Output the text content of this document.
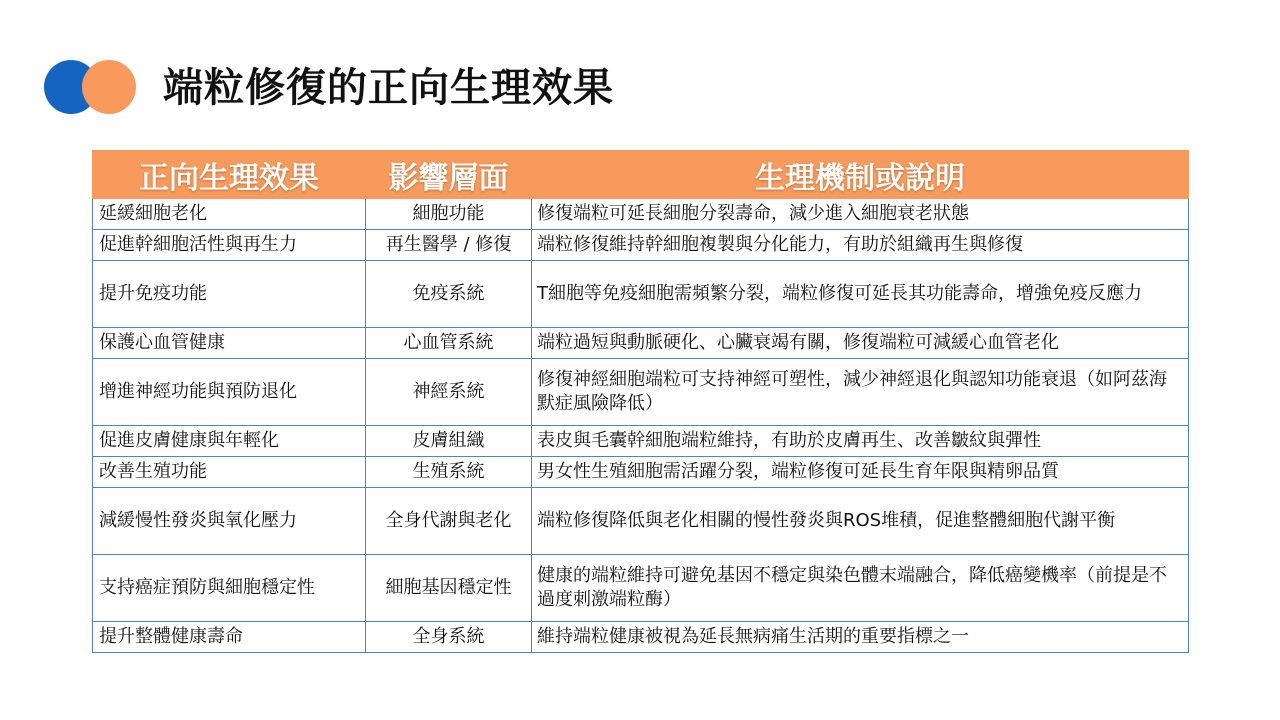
端粒修復的正向生理效果
正向生理效果	影響層面	生理機制或說明
延緩細胞老化	細胞功能	修復端粒可延長細胞分裂壽命，減少進入細胞衰老狀態
促進幹細胞活性與再生力	再生醫學 / 修復	端粒修復維持幹細胞複製與分化能力，有助於組織再生與修復
提升免疫功能	免疫系統	T細胞等免疫細胞需頻繁分裂，端粒修復可延長其功能壽命，增強免疫反應力
保護心血管健康	心血管系統	端粒過短與動脈硬化、心臟衰竭有關，修復端粒可減緩心血管老化
增進神經功能與預防退化	神經系統	修復神經細胞端粒可支持神經可塑性，減少神經退化與認知功能衰退（如阿茲海默症風險降低）
促進皮膚健康與年輕化	皮膚組織	表皮與毛囊幹細胞端粒維持，有助於皮膚再生、改善皺紋與彈性
改善生殖功能	生殖系統	男女性生殖細胞需活躍分裂，端粒修復可延長生育年限與精卵品質
減緩慢性發炎與氧化壓力	全身代謝與老化	端粒修復降低與老化相關的慢性發炎與ROS堆積，促進整體細胞代謝平衡
支持癌症預防與細胞穩定性	細胞基因穩定性	健康的端粒維持可避免基因不穩定與染色體末端融合，降低癌變機率（前提是不過度刺激端粒酶）
提升整體健康壽命	全身系統	維持端粒健康被視為延長無病痛生活期的重要指標之一
